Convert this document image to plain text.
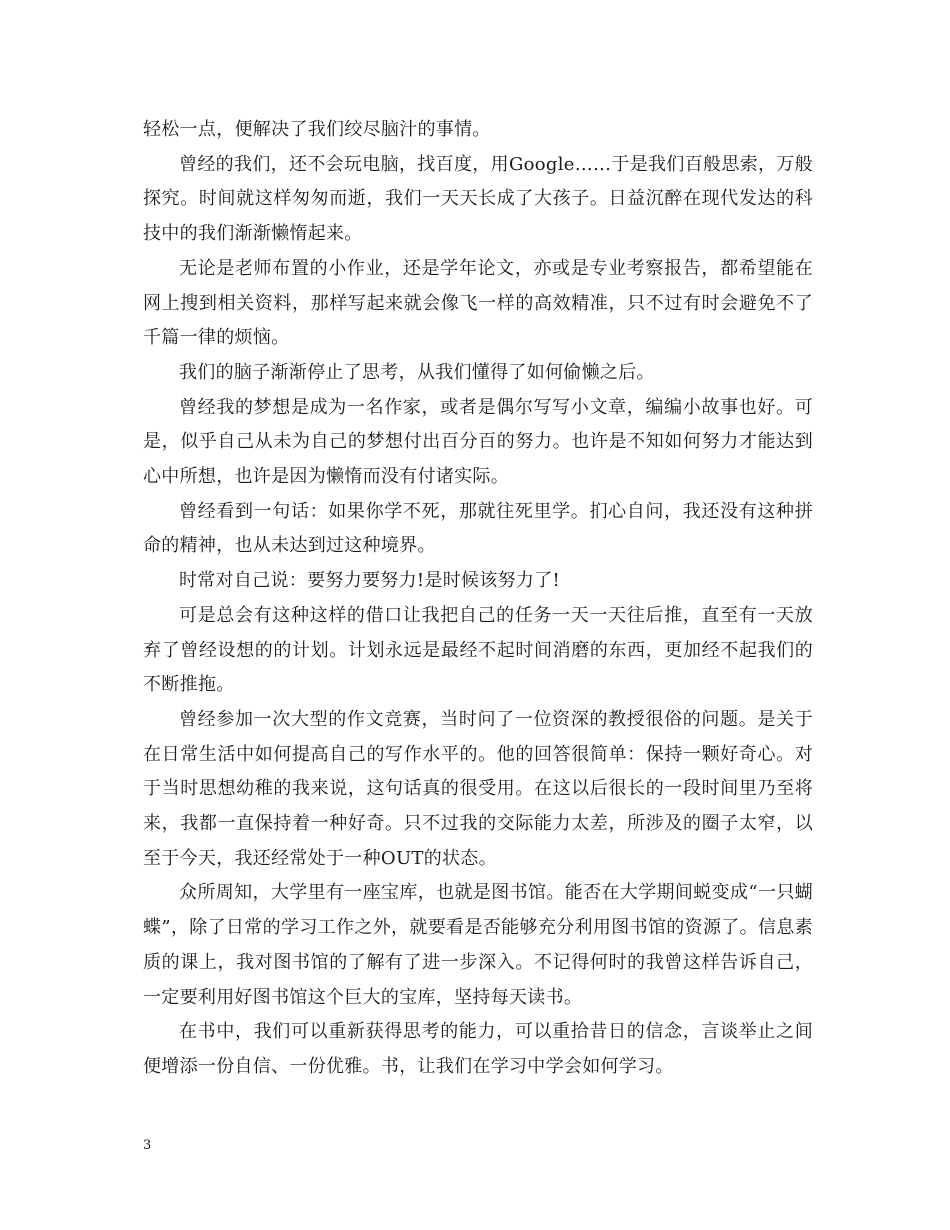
轻松一点，便解决了我们绞尽脑汁的事情。

曾经的我们，还不会玩电脑，找百度，用Google……于是我们百般思索，万般探究。时间就这样匆匆而逝，我们一天天长成了大孩子。日益沉醉在现代发达的科技中的我们渐渐懒惰起来。

无论是老师布置的小作业，还是学年论文，亦或是专业考察报告，都希望能在网上搜到相关资料，那样写起来就会像飞一样的高效精准，只不过有时会避免不了千篇一律的烦恼。

我们的脑子渐渐停止了思考，从我们懂得了如何偷懒之后。

曾经我的梦想是成为一名作家，或者是偶尔写写小文章，编编小故事也好。可是，似乎自己从未为自己的梦想付出百分百的努力。也许是不知如何努力才能达到心中所想，也许是因为懒惰而没有付诸实际。

曾经看到一句话：如果你学不死，那就往死里学。扪心自问，我还没有这种拼命的精神，也从未达到过这种境界。

时常对自己说：要努力要努力!是时候该努力了!

可是总会有这种这样的借口让我把自己的任务一天一天往后推，直至有一天放弃了曾经设想的的计划。计划永远是最经不起时间消磨的东西，更加经不起我们的不断推拖。

曾经参加一次大型的作文竞赛，当时问了一位资深的教授很俗的问题。是关于在日常生活中如何提高自己的写作水平的。他的回答很简单：保持一颗好奇心。对于当时思想幼稚的我来说，这句话真的很受用。在这以后很长的一段时间里乃至将来，我都一直保持着一种好奇。只不过我的交际能力太差，所涉及的圈子太窄，以至于今天，我还经常处于一种OUT的状态。

众所周知，大学里有一座宝库，也就是图书馆。能否在大学期间蜕变成“一只蝴蝶”，除了日常的学习工作之外，就要看是否能够充分利用图书馆的资源了。信息素质的课上，我对图书馆的了解有了进一步深入。不记得何时的我曾这样告诉自己，一定要利用好图书馆这个巨大的宝库，坚持每天读书。

在书中，我们可以重新获得思考的能力，可以重拾昔日的信念，言谈举止之间便增添一份自信、一份优雅。书，让我们在学习中学会如何学习。

3
